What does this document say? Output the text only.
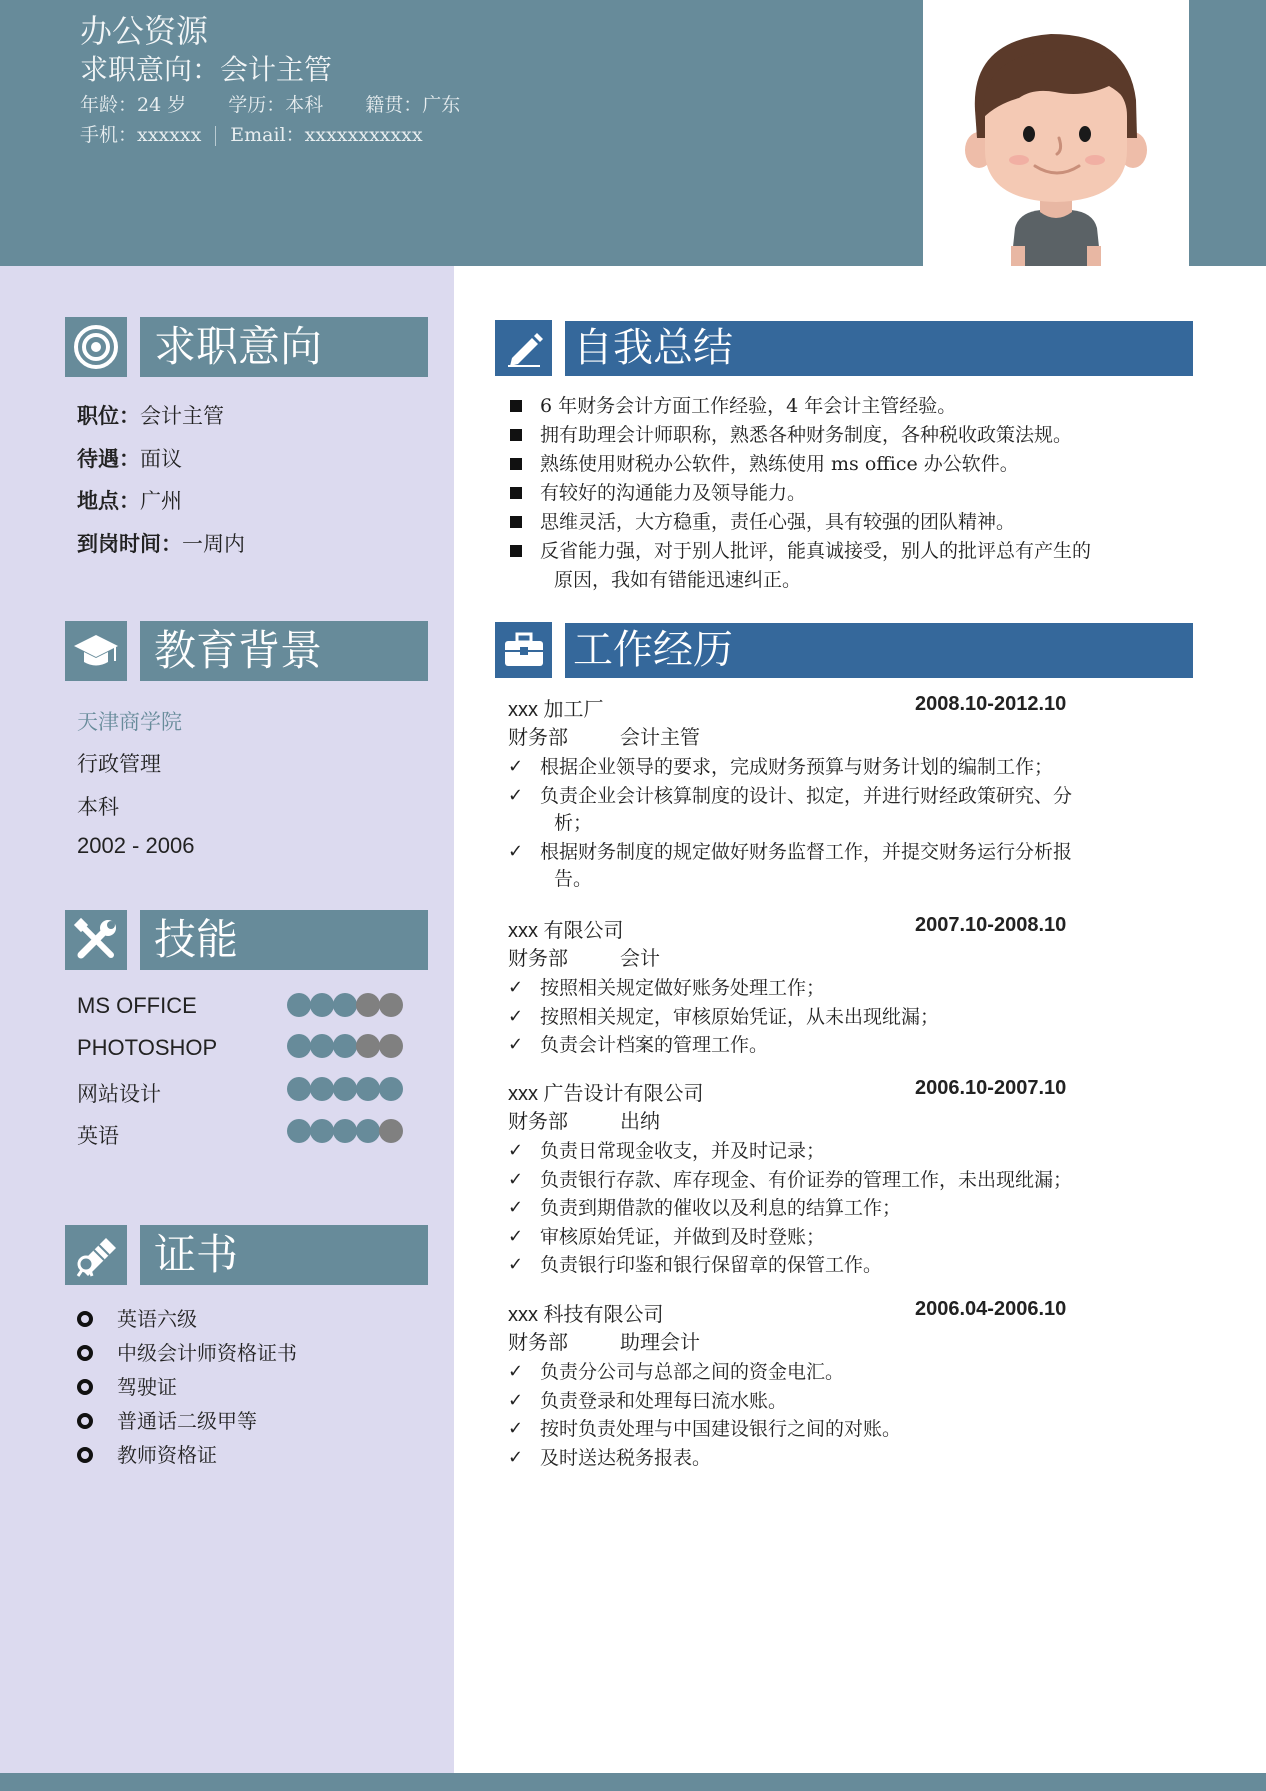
办公资源
求职意向：会计主管
年龄：24 岁 学历：本科 籍贯：广东
手机：xxxxxx Email：xxxxxxxxxxx
求职意向
职位：会计主管
待遇：面议
地点：广州
到岗时间：一周内
教育背景
天津商学院
行政管理
本科
2002 - 2006
技能
MS OFFICE
PHOTOSHOP
网站设计
英语
证书
英语六级
中级会计师资格证书
驾驶证
普通话二级甲等
教师资格证
自我总结
6 年财务会计方面工作经验，4 年会计主管经验。
拥有助理会计师职称，熟悉各种财务制度，各种税收政策法规。
熟练使用财税办公软件，熟练使用 ms office 办公软件。
有较好的沟通能力及领导能力。
思维灵活，大方稳重，责任心强，具有较强的团队精神。
反省能力强，对于别人批评，能真诚接受，别人的批评总有产生的
原因，我如有错能迅速纠正。
工作经历
xxx 加工厂	2008.10-2012.10
财务部	会计主管
✓ 根据企业领导的要求，完成财务预算与财务计划的编制工作；
✓ 负责企业会计核算制度的设计、拟定，并进行财经政策研究、分
析；
✓ 根据财务制度的规定做好财务监督工作，并提交财务运行分析报
告。
xxx 有限公司	2007.10-2008.10
财务部	会计
✓ 按照相关规定做好账务处理工作；
✓ 按照相关规定，审核原始凭证，从未出现纰漏；
✓ 负责会计档案的管理工作。
xxx 广告设计有限公司	2006.10-2007.10
财务部	出纳
✓ 负责日常现金收支，并及时记录；
✓ 负责银行存款、库存现金、有价证券的管理工作，未出现纰漏；
✓ 负责到期借款的催收以及利息的结算工作；
✓ 审核原始凭证，并做到及时登账；
✓ 负责银行印鉴和银行保留章的保管工作。
xxx 科技有限公司	2006.04-2006.10
财务部	助理会计
✓ 负责分公司与总部之间的资金电汇。
✓ 负责登录和处理每曰流水账。
✓ 按时负责处理与中国建设银行之间的对账。
✓ 及时送达税务报表。
